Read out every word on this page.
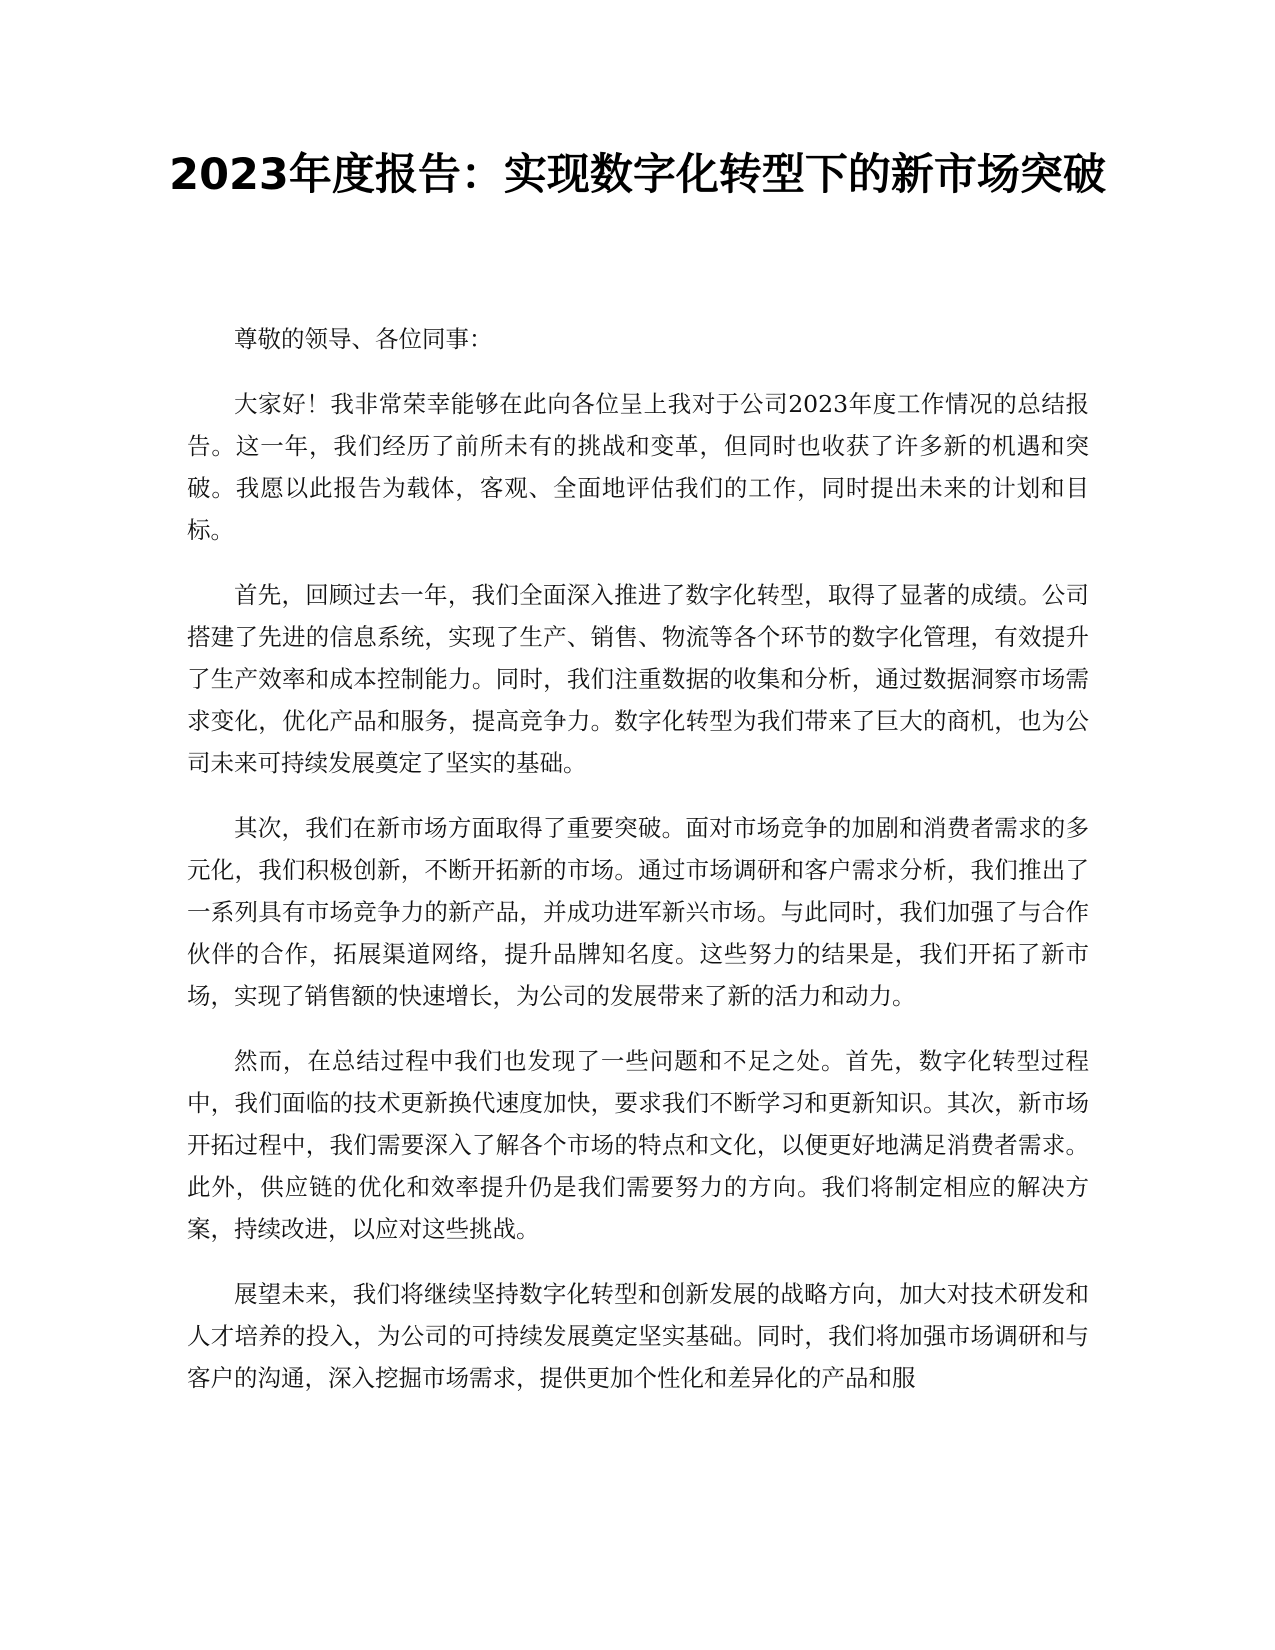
2023年度报告：实现数字化转型下的新市场突破

尊敬的领导、各位同事：

大家好！我非常荣幸能够在此向各位呈上我对于公司2023年度工作情况的总结报告。这一年，我们经历了前所未有的挑战和变革，但同时也收获了许多新的机遇和突破。我愿以此报告为载体，客观、全面地评估我们的工作，同时提出未来的计划和目标。

首先，回顾过去一年，我们全面深入推进了数字化转型，取得了显著的成绩。公司搭建了先进的信息系统，实现了生产、销售、物流等各个环节的数字化管理，有效提升了生产效率和成本控制能力。同时，我们注重数据的收集和分析，通过数据洞察市场需求变化，优化产品和服务，提高竞争力。数字化转型为我们带来了巨大的商机，也为公司未来可持续发展奠定了坚实的基础。

其次，我们在新市场方面取得了重要突破。面对市场竞争的加剧和消费者需求的多元化，我们积极创新，不断开拓新的市场。通过市场调研和客户需求分析，我们推出了一系列具有市场竞争力的新产品，并成功进军新兴市场。与此同时，我们加强了与合作伙伴的合作，拓展渠道网络，提升品牌知名度。这些努力的结果是，我们开拓了新市场，实现了销售额的快速增长，为公司的发展带来了新的活力和动力。

然而，在总结过程中我们也发现了一些问题和不足之处。首先，数字化转型过程中，我们面临的技术更新换代速度加快，要求我们不断学习和更新知识。其次，新市场开拓过程中，我们需要深入了解各个市场的特点和文化，以便更好地满足消费者需求。此外，供应链的优化和效率提升仍是我们需要努力的方向。我们将制定相应的解决方案，持续改进，以应对这些挑战。

展望未来，我们将继续坚持数字化转型和创新发展的战略方向，加大对技术研发和人才培养的投入，为公司的可持续发展奠定坚实基础。同时，我们将加强市场调研和与客户的沟通，深入挖掘市场需求，提供更加个性化和差异化的产品和服
